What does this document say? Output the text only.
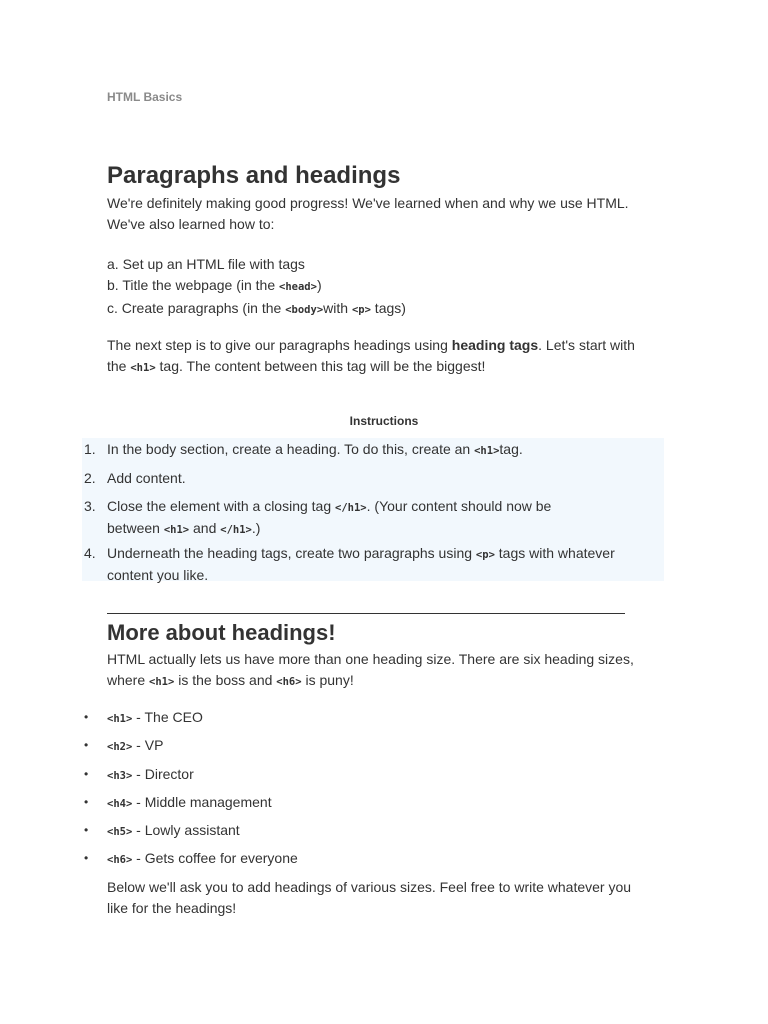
HTML Basics
Paragraphs and headings

We're definitely making good progress! We've learned when and why we use HTML.
We've also learned how to:

a. Set up an HTML file with tags
b. Title the webpage (in the <head>)
c. Create paragraphs (in the <body>with <p> tags)

The next step is to give our paragraphs headings using heading tags. Let's start with
the <h1> tag. The content between this tag will be the biggest!

Instructions
1. In the body section, create a heading. To do this, create an <h1>tag.
2. Add content.
3. Close the element with a closing tag </h1>. (Your content should now be
between <h1> and </h1>.)
4. Underneath the heading tags, create two paragraphs using <p> tags with whatever
content you like.
More about headings!

HTML actually lets us have more than one heading size. There are six heading sizes,
where <h1> is the boss and <h6> is puny!

• <h1> - The CEO
• <h2> - VP
• <h3> - Director
• <h4> - Middle management
• <h5> - Lowly assistant
• <h6> - Gets coffee for everyone

Below we'll ask you to add headings of various sizes. Feel free to write whatever you
like for the headings!
